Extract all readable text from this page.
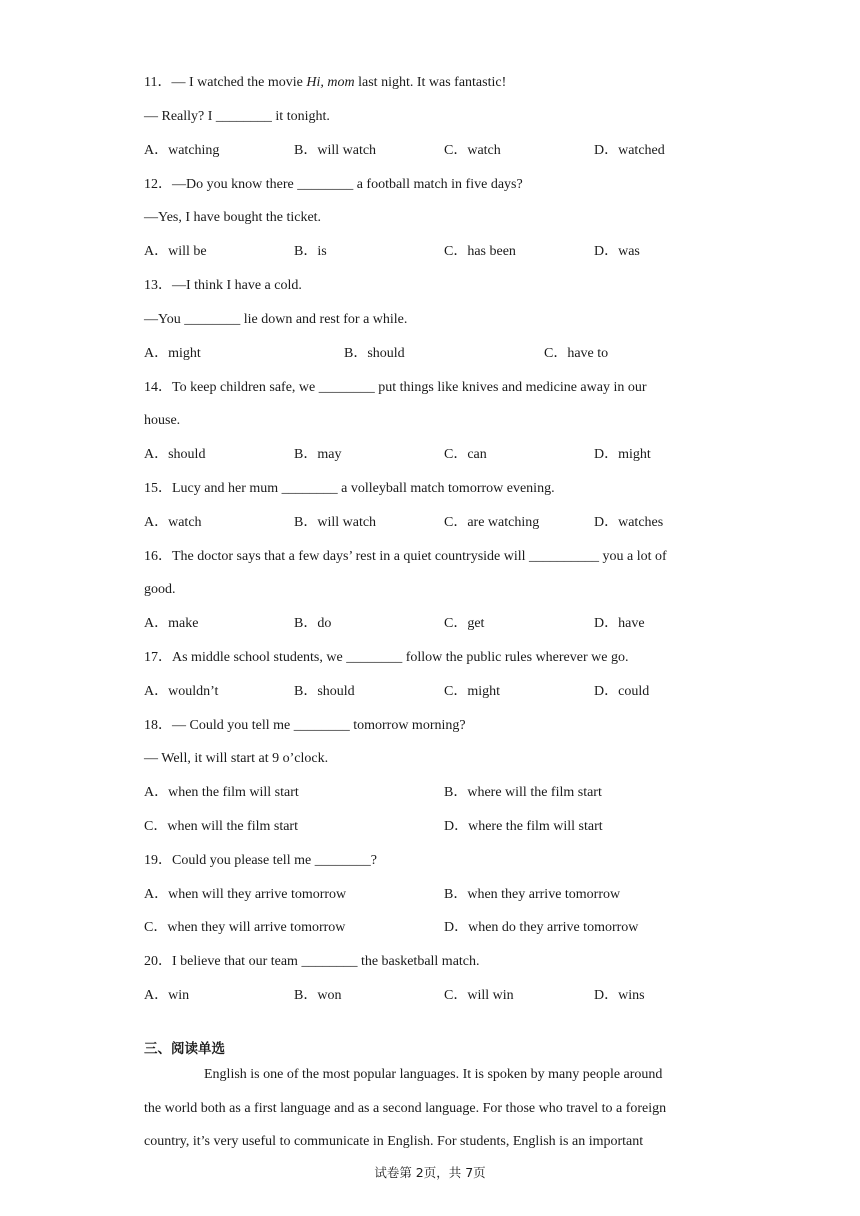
11．— I watched the movie Hi, mom last night. It was fantastic!
— Really? I ________ it tonight.
A．watching	B．will watch	C．watch	D．watched
12．—Do you know there ________ a football match in five days?
—Yes, I have bought the ticket.
A．will be	B．is	C．has been	D．was
13．—I think I have a cold.
—You ________ lie down and rest for a while.
A．might	B．should	C．have to
14．To keep children safe, we ________ put things like knives and medicine away in our
house.
A．should	B．may	C．can	D．might
15．Lucy and her mum ________ a volleyball match tomorrow evening.
A．watch	B．will watch	C．are watching	D．watches
16．The doctor says that a few days’ rest in a quiet countryside will __________ you a lot of
good.
A．make	B．do	C．get	D．have
17．As middle school students, we ________ follow the public rules wherever we go.
A．wouldn’t	B．should	C．might	D．could
18．— Could you tell me ________ tomorrow morning?
— Well, it will start at 9 o’clock.
A．when the film will start	B．where will the film start
C．when will the film start	D．where the film will start
19．Could you please tell me ________?
A．when will they arrive tomorrow	B．when they arrive tomorrow
C．when they will arrive tomorrow	D．when do they arrive tomorrow
20．I believe that our team ________ the basketball match.
A．win	B．won	C．will win	D．wins
三、阅读单选
English is one of the most popular languages. It is spoken by many people around
the world both as a first language and as a second language. For those who travel to a foreign
country, it’s very useful to communicate in English. For students, English is an important
试卷第 2页，共 7页
